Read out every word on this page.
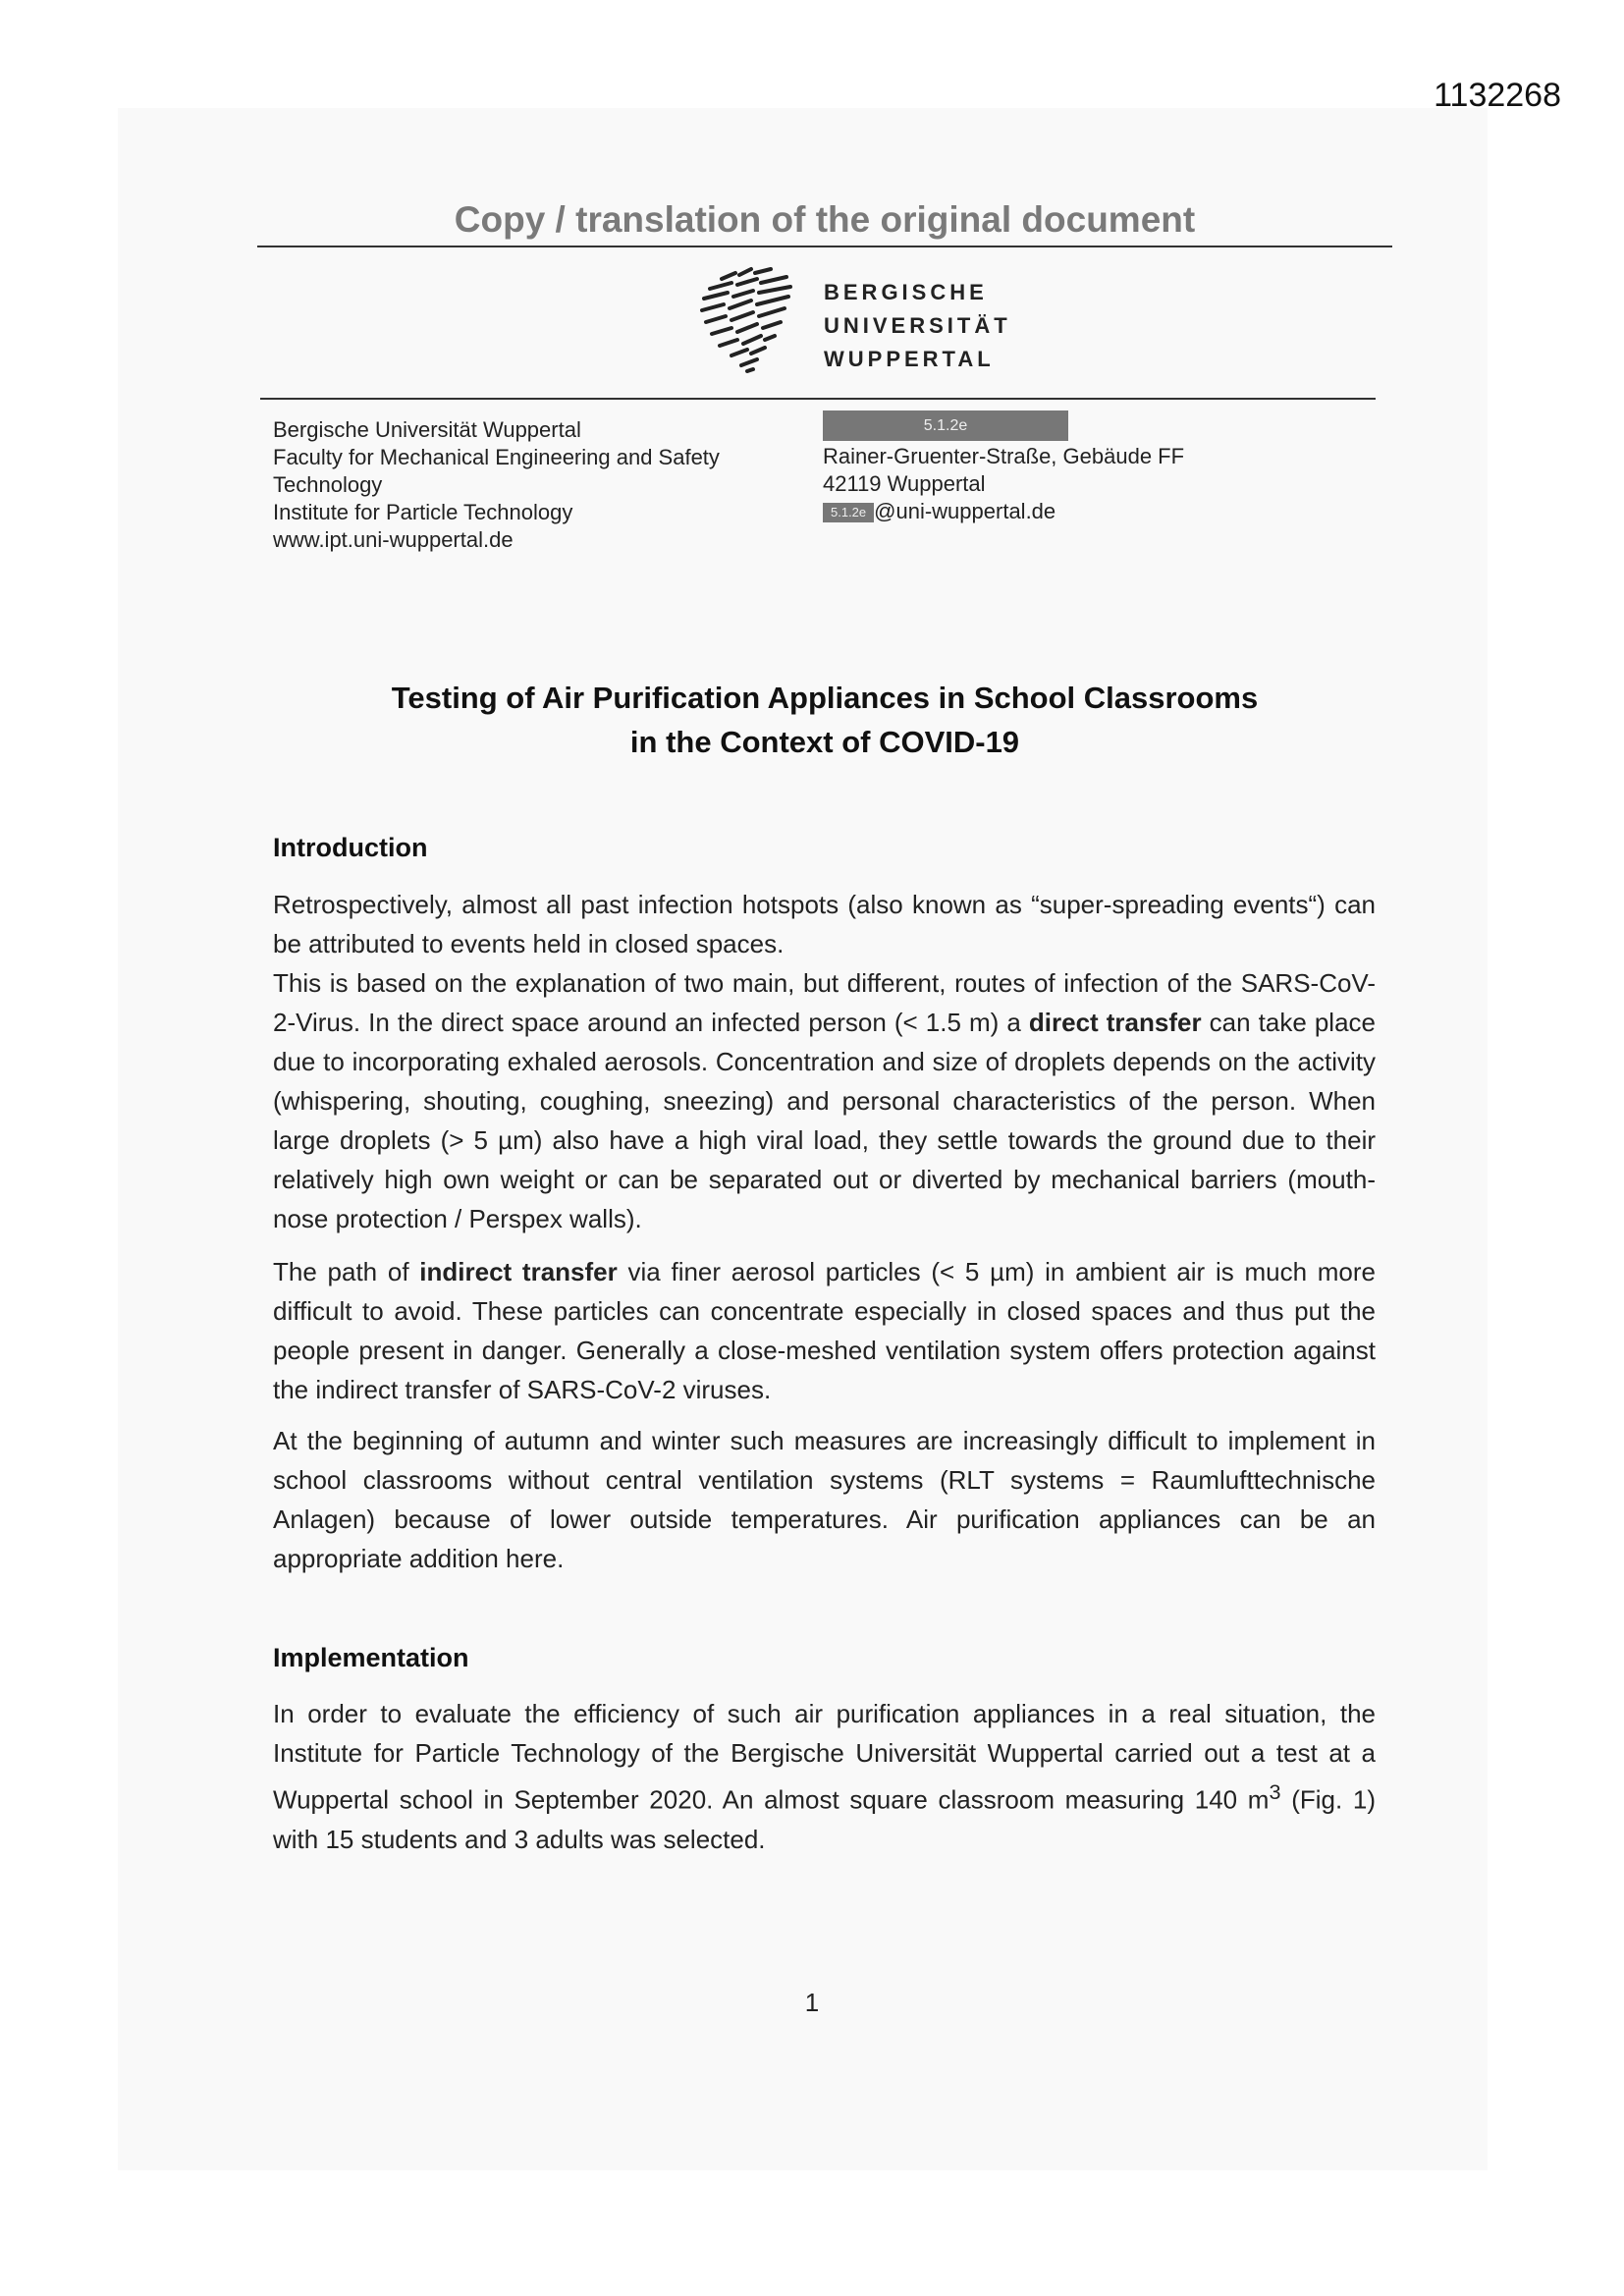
1132268
Copy / translation of the original document
BERGISCHE
UNIVERSITÄT
WUPPERTAL
Bergische Universität Wuppertal
Faculty for Mechanical Engineering and Safety
Technology
Institute for Particle Technology
www.ipt.uni-wuppertal.de
5.1.2e
Rainer-Gruenter-Straße, Gebäude FF
42119 Wuppertal
5.1.2e @uni-wuppertal.de
Testing of Air Purification Appliances in School Classrooms
in the Context of COVID-19
Introduction

Retrospectively, almost all past infection hotspots (also known as “super-spreading events“) can be attributed to events held in closed spaces.

This is based on the explanation of two main, but different, routes of infection of the SARS-CoV-2-Virus. In the direct space around an infected person (< 1.5 m) a direct transfer can take place due to incorporating exhaled aerosols. Concentration and size of droplets depends on the activity (whispering, shouting, coughing, sneezing) and personal characteristics of the person. When large droplets (> 5 µm) also have a high viral load, they settle towards the ground due to their relatively high own weight or can be separated out or diverted by mechanical barriers (mouth-nose protection / Perspex walls).

The path of indirect transfer via finer aerosol particles (< 5 µm) in ambient air is much more difficult to avoid. These particles can concentrate especially in closed spaces and thus put the people present in danger. Generally a close-meshed ventilation system offers protection against the indirect transfer of SARS-CoV-2 viruses.

At the beginning of autumn and winter such measures are increasingly difficult to implement in school classrooms without central ventilation systems (RLT systems = Raumlufttechnische Anlagen) because of lower outside temperatures. Air purification appliances can be an appropriate addition here.

Implementation

In order to evaluate the efficiency of such air purification appliances in a real situation, the Institute for Particle Technology of the Bergische Universität Wuppertal carried out a test at a Wuppertal school in September 2020. An almost square classroom measuring 140 $m^3$ (Fig. 1) with 15 students and 3 adults was selected.

1
